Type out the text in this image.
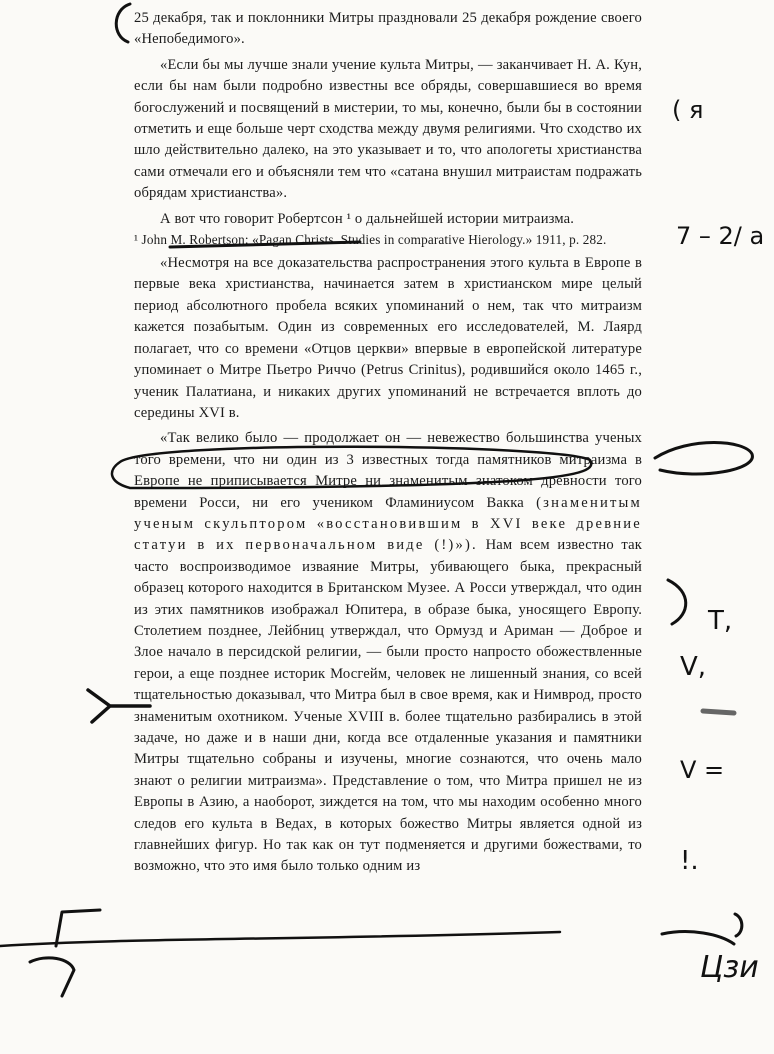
25 декабря, так и поклонники Митры праздновали 25 декабря рождение своего «Непобедимого».

«Если бы мы лучше знали учение культа Митры, — заканчивает Н. А. Кун, если бы нам были подробно известны все обряды, совершавшиеся во время богослужений и посвящений в мистерии, то мы, конечно, были бы в состоянии отметить и еще больше черт сходства между двумя религиями. Что сходство их шло действительно далеко, на это указывает и то, что апологеты христианства сами отмечали его и объясняли тем что «сатана внушил митраистам подражать обрядам христианства».

А вот что говорит Робертсон ¹ о дальнейшей истории митраизма.

¹ John M. Robertson: «Pagan Christs. Studies in comparative Hierology.» 1911, p. 282.

«Несмотря на все доказательства распространения этого культа в Европе в первые века христианства, начинается затем в христианском мире целый период абсолютного пробела всяких упоминаний о нем, так что митраизм кажется позабытым. Один из современных его исследователей, М. Лаярд полагает, что со времени «Отцов церкви» впервые в европейской литературе упоминает о Митре Пьетро Риччо (Petrus Crinitus), родившийся около 1465 г., ученик Палатиана, и никаких других упоминаний не встречается вплоть до середины XVI в.

«Так велико было — продолжает он — невежество большинства ученых того времени, что ни один из 3 известных тогда памятников митраизма в Европе не приписывается Митре ни знаменитым знатоком древности того времени Росси, ни его учеником Фламиниусом Вакка (знаменитым ученым скульптором «восстановившим в XVI веке древние статуи в их первоначальном виде (!)»). Нам всем известно так часто воспроизводимое изваяние Митры, убивающего быка, прекрасный образец которого находится в Британском Музее. А Росси утверждал, что один из этих памятников изображал Юпитера, в образе быка, уносящего Европу. Столетием позднее, Лейбниц утверждал, что Ормузд и Ариман — Доброе и Злое начало в персидской религии, — были просто напросто обожествленные герои, а еще позднее историк Мосгейм, человек не лишенный знания, со всей тщательностью доказывал, что Митра был в свое время, как и Нимврод, просто знаменитым охотником. Ученые XVIII в. более тщательно разбирались в этой задаче, но даже и в наши дни, когда все отдаленные указания и памятники Митры тщательно собраны и изучены, многие сознаются, что очень мало знают о религии митраизма». Представление о том, что Митра пришел не из Европы в Азию, а наоборот, зиждется на том, что мы находим особенно много следов его культа в Ведах, в которых божество Митры является одной из главнейших фигур. Но так как он тут подменяется и другими божествами, то возможно, что это имя было только одним из

( я
7 – 2/ a
T,
V,
V =
!.
Цзи
